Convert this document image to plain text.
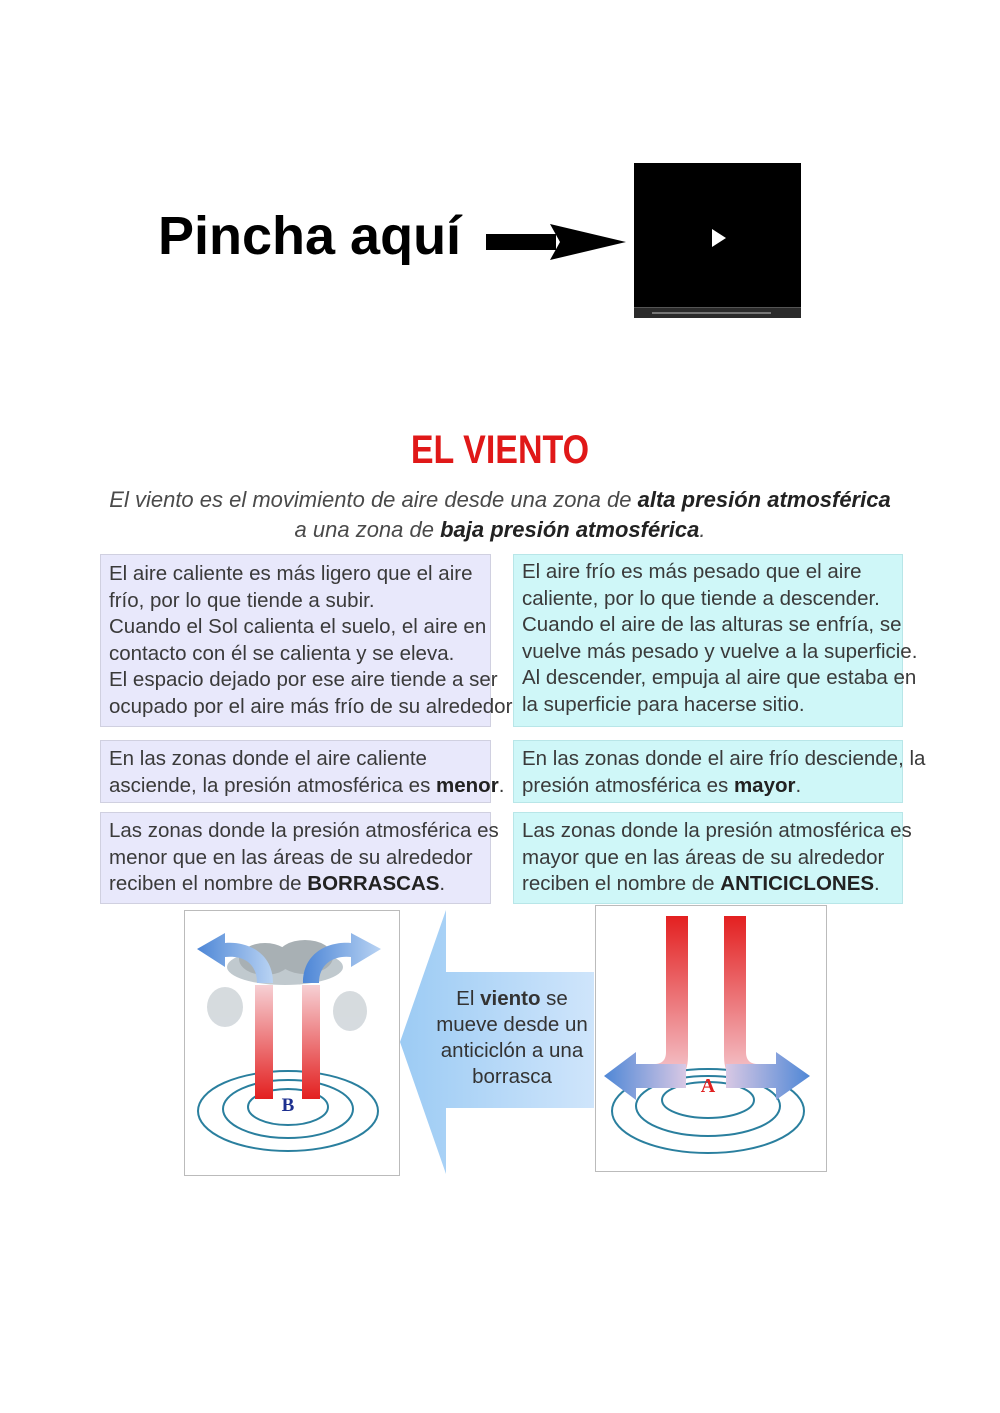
Pincha aquí
EL VIENTO
El viento es el movimiento de aire desde una zona de alta presión atmosférica
a una zona de baja presión atmosférica.
El aire caliente es más ligero que el aire
frío, por lo que tiende a subir.
Cuando el Sol calienta el suelo, el aire en
contacto con él se calienta y se eleva.
El espacio dejado por ese aire tiende a ser
ocupado por el aire más frío de su alrededor
El aire frío es más pesado que el aire
caliente, por lo que tiende a descender.
Cuando el aire de las alturas se enfría, se
vuelve más pesado y vuelve a la superficie.
Al descender, empuja al aire que estaba en
la superficie para hacerse sitio.
En las zonas donde el aire caliente
asciende, la presión atmosférica es menor.
En las zonas donde el aire frío desciende, la
presión atmosférica es mayor.
Las zonas donde la presión atmosférica es
menor que en las áreas de su alrededor
reciben el nombre de BORRASCAS.
Las zonas donde la presión atmosférica es
mayor que en las áreas de su alrededor
reciben el nombre de ANTICICLONES.
B
El viento se
mueve desde un
anticiclón a una
borrasca	A
